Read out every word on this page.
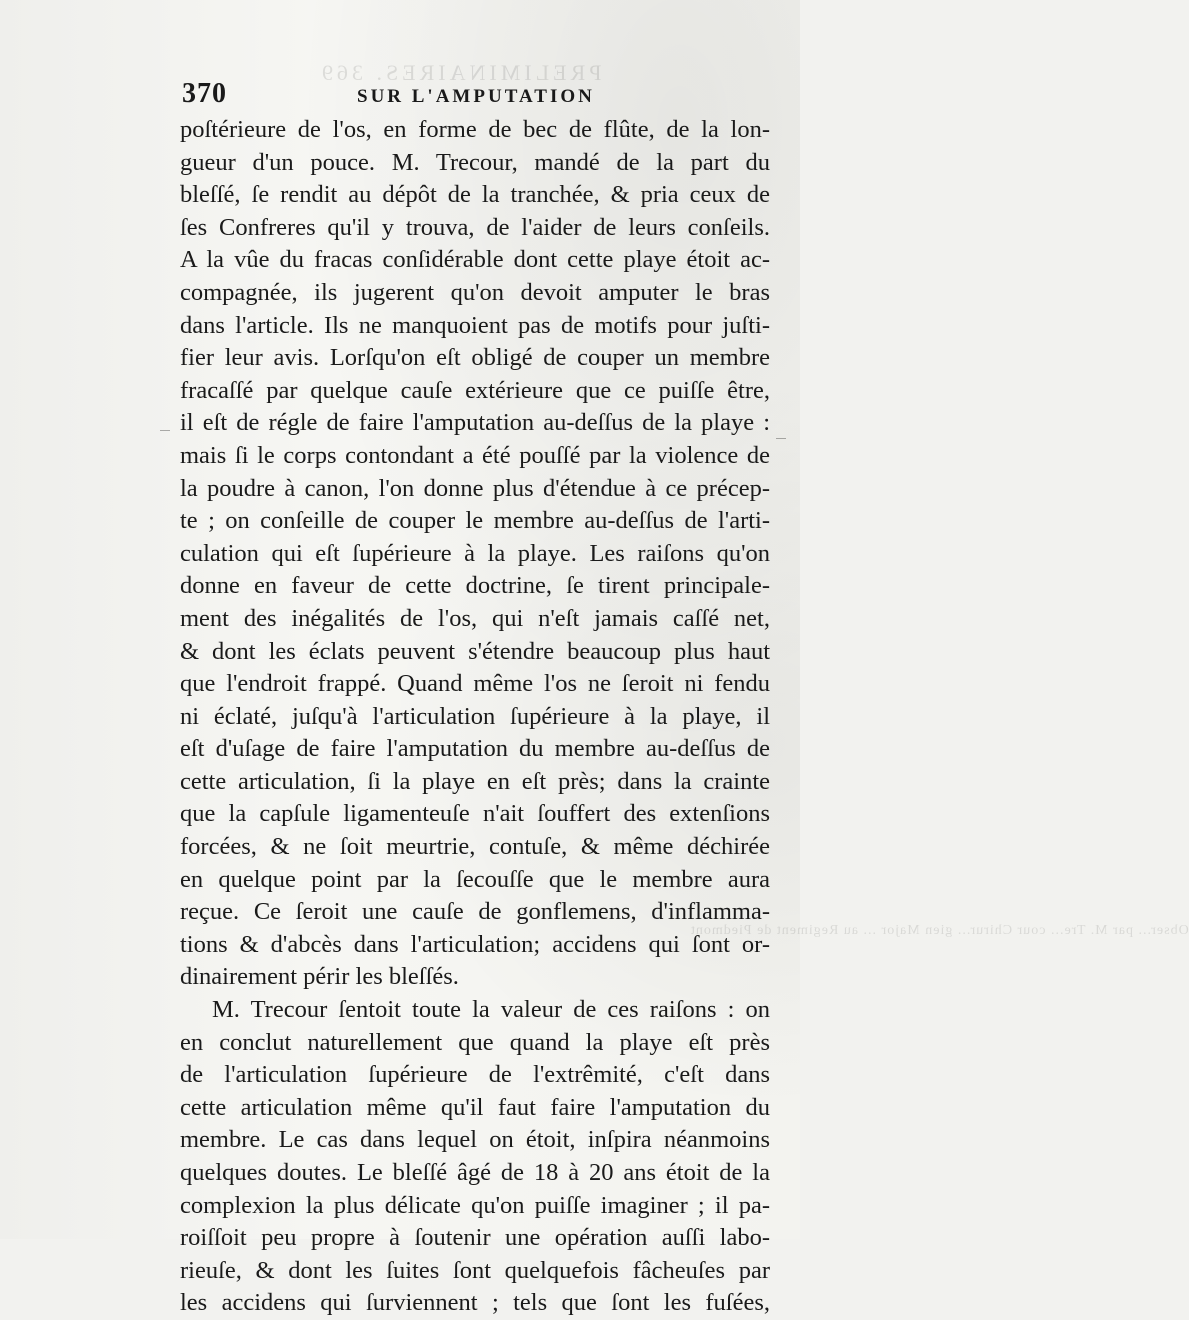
PRELIMINAIRES. 369
Obser... par M. Tre... cour Chirur... gien Major ... au Regiment de Piedmont
370	SUR L'AMPUTATION
poſtérieure de l'os, en forme de bec de flûte, de la lon-
gueur d'un pouce. M. Trecour, mandé de la part du
bleſſé, ſe rendit au dépôt de la tranchée, & pria ceux de
ſes Confreres qu'il y trouva, de l'aider de leurs conſeils.
A la vûe du fracas conſidérable dont cette playe étoit ac-
compagnée, ils jugerent qu'on devoit amputer le bras
dans l'article. Ils ne manquoient pas de motifs pour juſti-
fier leur avis. Lorſqu'on eſt obligé de couper un membre
fracaſſé par quelque cauſe extérieure que ce puiſſe être,
il eſt de régle de faire l'amputation au-deſſus de la playe :
mais ſi le corps contondant a été pouſſé par la violence de
la poudre à canon, l'on donne plus d'étendue à ce précep-
te ; on conſeille de couper le membre au-deſſus de l'arti-
culation qui eſt ſupérieure à la playe. Les raiſons qu'on
donne en faveur de cette doctrine, ſe tirent principale-
ment des inégalités de l'os, qui n'eſt jamais caſſé net,
& dont les éclats peuvent s'étendre beaucoup plus haut
que l'endroit frappé. Quand même l'os ne ſeroit ni fendu
ni éclaté, juſqu'à l'articulation ſupérieure à la playe, il
eſt d'uſage de faire l'amputation du membre au-deſſus de
cette articulation, ſi la playe en eſt près; dans la crainte
que la capſule ligamenteuſe n'ait ſouffert des extenſions
forcées, & ne ſoit meurtrie, contuſe, & même déchirée
en quelque point par la ſecouſſe que le membre aura
reçue. Ce ſeroit une cauſe de gonflemens, d'inflamma-
tions & d'abcès dans l'articulation; accidens qui ſont or-
dinairement périr les bleſſés.
M. Trecour ſentoit toute la valeur de ces raiſons : on
en conclut naturellement que quand la playe eſt près
de l'articulation ſupérieure de l'extrêmité, c'eſt dans
cette articulation même qu'il faut faire l'amputation du
membre. Le cas dans lequel on étoit, inſpira néanmoins
quelques doutes. Le bleſſé âgé de 18 à 20 ans étoit de la
complexion la plus délicate qu'on puiſſe imaginer ; il pa-
roiſſoit peu propre à ſoutenir une opération auſſi labo-
rieuſe, & dont les ſuites ſont quelquefois fâcheuſes par
les accidens qui ſurviennent ; tels que ſont les fuſées,
